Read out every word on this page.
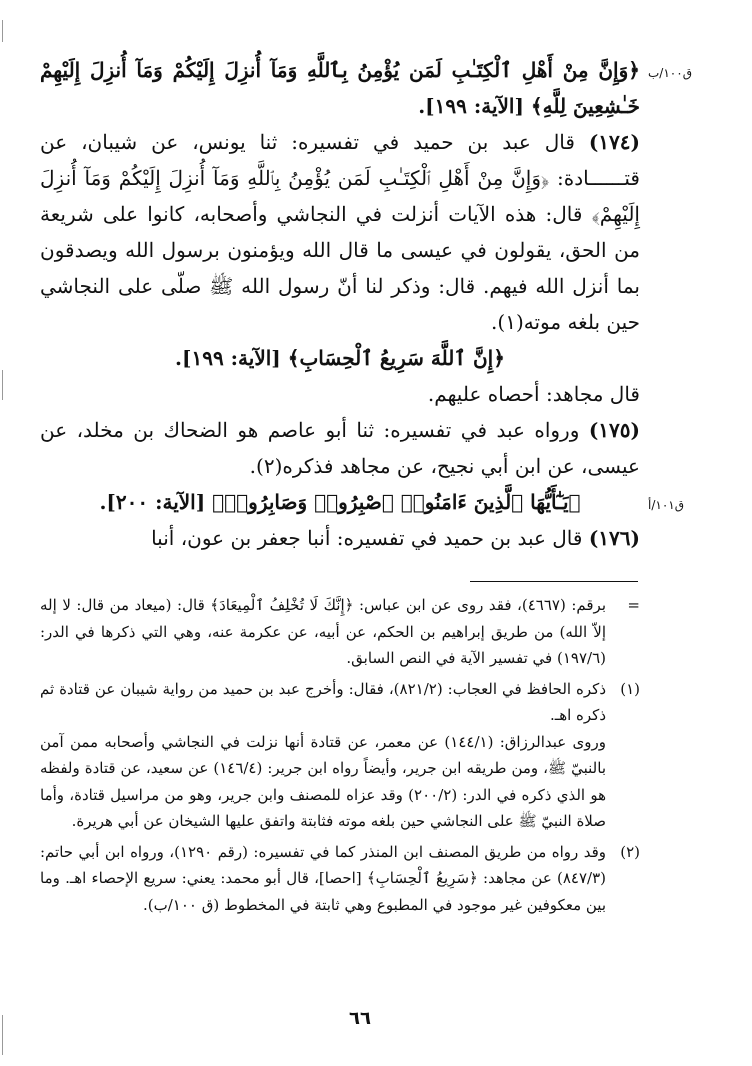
ق١٠٠/ب
ق١٠١/أ

﴿وَإِنَّ مِنْ أَهْلِ ٱلْكِتَـٰبِ لَمَن يُؤْمِنُ بِٱللَّهِ وَمَآ أُنزِلَ إِلَيْكُمْ وَمَآ أُنزِلَ إِلَيْهِمْ خَـٰشِعِينَ لِلَّهِ﴾ [الآية: ١٩٩].

(١٧٤) قال عبد بن حميد في تفسيره: ثنا يونس، عن شيبان، عن قتــــــادة: ﴿وَإِنَّ مِنْ أَهْلِ ٱلْكِتَـٰبِ لَمَن يُؤْمِنُ بِٱللَّهِ وَمَآ أُنزِلَ إِلَيْكُمْ وَمَآ أُنزِلَ إِلَيْهِمْ﴾ قال: هذه الآيات أنزلت في النجاشي وأصحابه، كانوا على شريعة من الحق، يقولون في عيسى ما قال الله ويؤمنون برسول الله ويصدقون بما أنزل الله فيهم. قال: وذكر لنا أنّ رسول الله ﷺ صلّى على النجاشي حين بلغه موته(١).

﴿إِنَّ ٱللَّهَ سَرِيعُ ٱلْحِسَابِ﴾ [الآية: ١٩٩].

قال مجاهد: أحصاه عليهم.

(١٧٥) ورواه عبد في تفسيره: ثنا أبو عاصم هو الضحاك بن مخلد، عن عيسى، عن ابن أبي نجيح، عن مجاهد فذكره(٢).

﴿يَـٰٓأَيُّهَا ٱلَّذِينَ ءَامَنُوا۟ ٱصْبِرُوا۟ وَصَابِرُوا۟﴾ [الآية: ٢٠٠].

(١٧٦) قال عبد بن حميد في تفسيره: أنبا جعفر بن عون، أنبا

=
برقم: (٤٦٦٧)، فقد روى عن ابن عباس: ﴿إِنَّكَ لَا تُخْلِفُ ٱلْمِيعَادَ﴾ قال: (ميعاد من قال: لا إله إلاّ الله) من طريق إبراهيم بن الحكم، عن أبيه، عن عكرمة عنه، وهي التي ذكرها في الدر: (١٩٧/٦) في تفسير الآية في النص السابق.
(١)

ذكره الحافظ في العجاب: (٨٢١/٢)، فقال: وأخرج عبد بن حميد من رواية شيبان عن قتادة ثم ذكره اهـ.

وروى عبدالرزاق: (١٤٤/١) عن معمر، عن قتادة أنها نزلت في النجاشي وأصحابه ممن آمن بالنبيّ ﷺ، ومن طريقه ابن جرير، وأيضاً رواه ابن جرير: (١٤٦/٤) عن سعيد، عن قتادة ولفظه هو الذي ذكره في الدر: (٢٠٠/٢) وقد عزاه للمصنف وابن جرير، وهو من مراسيل قتادة، وأما صلاة النبيّ ﷺ على النجاشي حين بلغه موته فثابتة واتفق عليها الشيخان عن أبي هريرة.

(٢)
وقد رواه من طريق المصنف ابن المنذر كما في تفسيره: (رقم ١٢٩٠)، ورواه ابن أبي حاتم: (٨٤٧/٣) عن مجاهد: ﴿سَرِيعُ ٱلْحِسَابِ﴾ [احصا]، قال أبو محمد: يعني: سريع الإحصاء اهـ. وما بين معكوفين غير موجود في المطبوع وهي ثابتة في المخطوط (ق ١٠٠/ب).
٦٦
